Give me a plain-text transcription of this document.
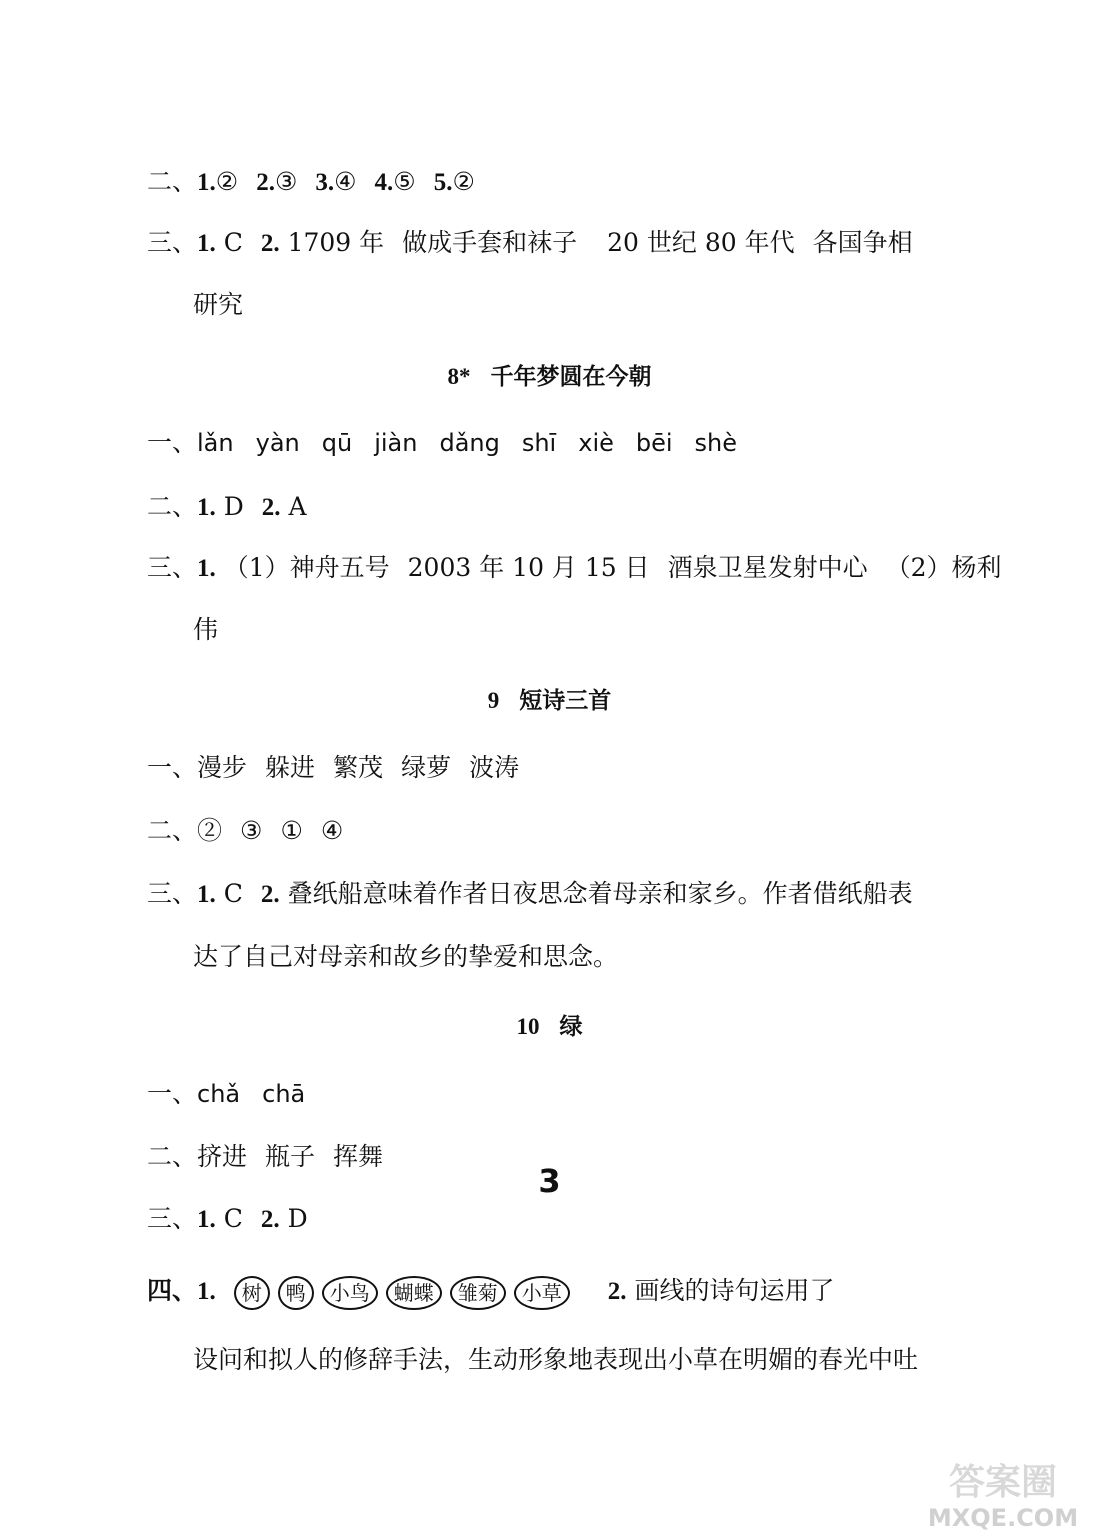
二、1.② 2.③ 3.④ 4.⑤ 5.②
三、1. C 2. 1709 年 做成手套和袜子 20 世纪 80 年代 各国争相
研究
8* 千年梦圆在今朝
一、lǎn yàn qū jiàn dǎng shī xiè bēi shè
二、1. D 2. A
三、1. （1）神舟五号 2003 年 10 月 15 日 酒泉卫星发射中心 （2）杨利
伟
9 短诗三首
一、漫步 躲进 繁茂 绿萝 波涛
二、② ③ ① ④
三、1. C 2. 叠纸船意味着作者日夜思念着母亲和家乡。作者借纸船表
达了自己对母亲和故乡的挚爱和思念。
10 绿
一、chǎ chā
二、挤进 瓶子 挥舞
三、1. C 2. D
四、1. 树 鸭 小鸟 蝴蝶 雏菊 小草 2. 画线的诗句运用了
设问和拟人的修辞手法，生动形象地表现出小草在明媚的春光中吐
3
答案圈
MXQE.COM
